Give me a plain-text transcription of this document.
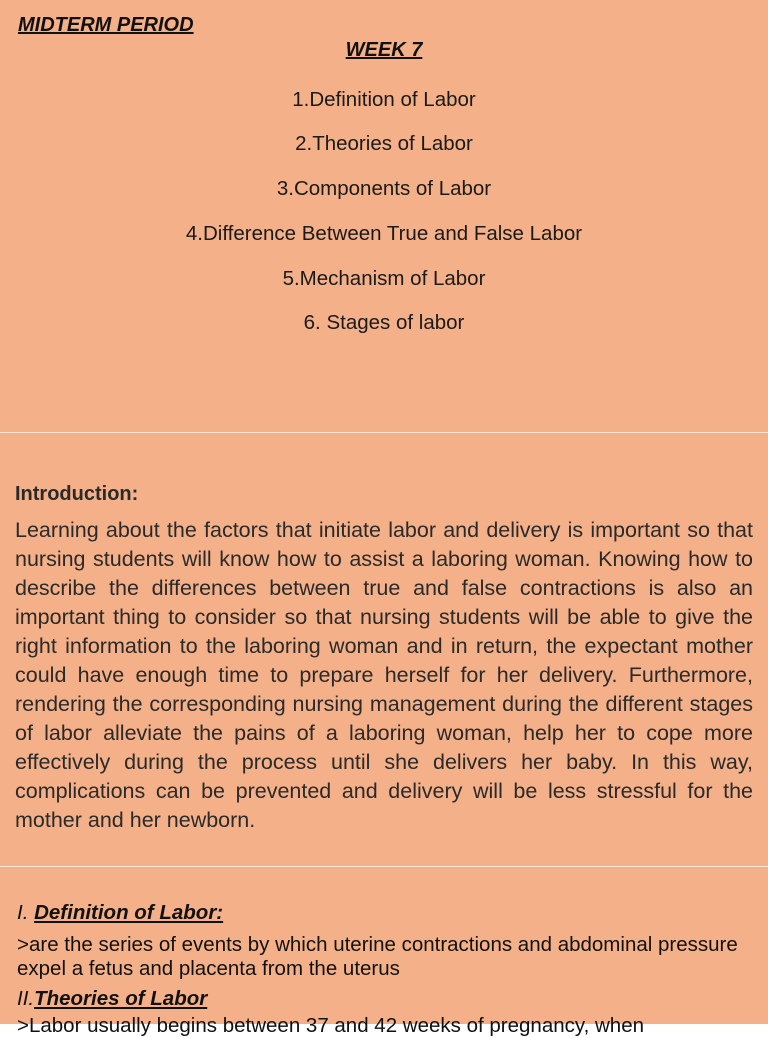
MIDTERM PERIOD
WEEK 7
1.Definition of Labor
2.Theories of Labor
3.Components of Labor
4.Difference Between True and False Labor
5.Mechanism of Labor
6. Stages of labor
Introduction:
Learning about the factors that initiate labor and delivery is important so that nursing students will know how to assist a laboring woman. Knowing how to describe the differences between true and false contractions is also an important thing to consider so that nursing students will be able to give the right information to the laboring woman and in return, the expectant mother could have enough time to prepare herself for her delivery. Furthermore, rendering the corresponding nursing management during the different stages of labor alleviate the pains of a laboring woman, help her to cope more effectively during the process until she delivers her baby. In this way, complications can be prevented and delivery will be less stressful for the mother and her newborn.
I. Definition of Labor:
>are the series of events by which uterine contractions and abdominal pressure expel a fetus and placenta from the uterus
II.Theories of Labor
>Labor usually begins between 37 and 42 weeks of pregnancy, when
